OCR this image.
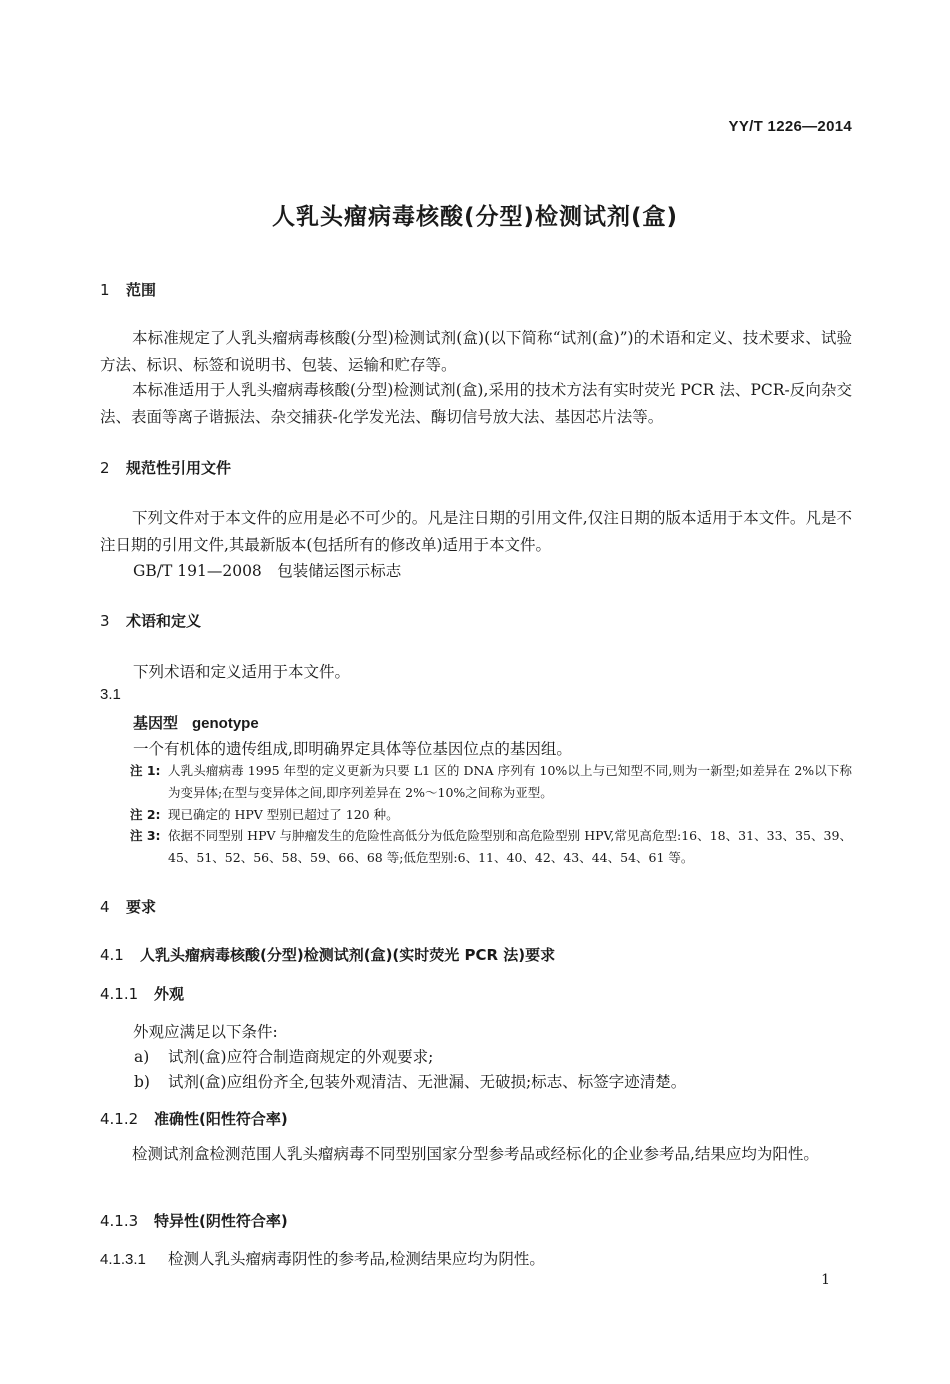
YY/T 1226—2014
人乳头瘤病毒核酸(分型)检测试剂(盒)
1 范围
本标准规定了人乳头瘤病毒核酸(分型)检测试剂(盒)(以下简称“试剂(盒)”)的术语和定义、技术要求、试验方法、标识、标签和说明书、包装、运输和贮存等。
本标准适用于人乳头瘤病毒核酸(分型)检测试剂(盒),采用的技术方法有实时荧光 PCR 法、PCR-反向杂交法、表面等离子谐振法、杂交捕获-化学发光法、酶切信号放大法、基因芯片法等。
2 规范性引用文件
下列文件对于本文件的应用是必不可少的。凡是注日期的引用文件,仅注日期的版本适用于本文件。凡是不注日期的引用文件,其最新版本(包括所有的修改单)适用于本文件。
GB/T 191—2008　包装储运图示标志
3 术语和定义
下列术语和定义适用于本文件。
3.1
基因型 genotype
一个有机体的遗传组成,即明确界定具体等位基因位点的基因组。
注 1: 人乳头瘤病毒 1995 年型的定义更新为只要 L1 区的 DNA 序列有 10%以上与已知型不同,则为一新型;如差异在 2%以下称为变异体;在型与变异体之间,即序列差异在 2%～10%之间称为亚型。
注 2: 现已确定的 HPV 型别已超过了 120 种。
注 3: 依据不同型别 HPV 与肿瘤发生的危险性高低分为低危险型别和高危险型别 HPV,常见高危型:16、18、31、33、35、39、45、51、52、56、58、59、66、68 等;低危型别:6、11、40、42、43、44、54、61 等。
4 要求
4.1 人乳头瘤病毒核酸(分型)检测试剂(盒)(实时荧光 PCR 法)要求
4.1.1 外观
外观应满足以下条件:
a) 试剂(盒)应符合制造商规定的外观要求;
b) 试剂(盒)应组份齐全,包装外观清洁、无泄漏、无破损;标志、标签字迹清楚。
4.1.2 准确性(阳性符合率)
检测试剂盒检测范围人乳头瘤病毒不同型别国家分型参考品或经标化的企业参考品,结果应均为阳性。
4.1.3 特异性(阴性符合率)
4.1.3.1 检测人乳头瘤病毒阴性的参考品,检测结果应均为阴性。
1
